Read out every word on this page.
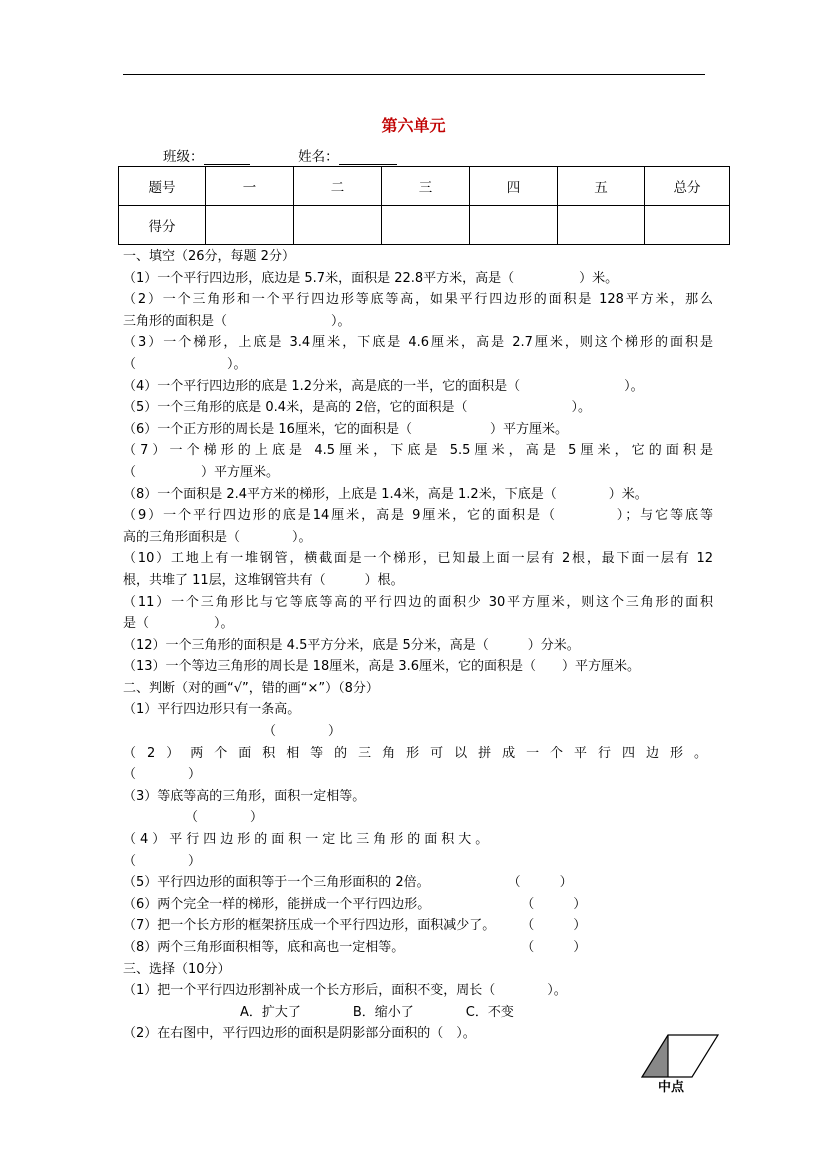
第六单元
班级：	姓名：
题号	一	二	三	四	五	总分
得分						
一、填空（26分，每题 2分）
（1）一个平行四边形，底边是 5.7米，面积是 22.8平方米，高是（　　　　　）米。
（2）一个三角形和一个平行四边形等底等高，如果平行四边形的面积是 128平方米，那么
三角形的面积是（　　　　　　　　）。
（3）一个梯形，上底是 3.4厘米，下底是 4.6厘米，高是 2.7厘米，则这个梯形的面积是
（　　　　　　　）。
（4）一个平行四边形的底是 1.2分米，高是底的一半，它的面积是（　　　　　　　　）。
（5）一个三角形的底是 0.4米，是高的 2倍，它的面积是（　　　　　　　　）。
（6）一个正方形的周长是 16厘米，它的面积是（　　　　　　）平方厘米。
（7）一个梯形的上底是 4.5厘米，下底是 5.5厘米，高是 5厘米，它的面积是
（　　　　　）平方厘米。
（8）一个面积是 2.4平方米的梯形，上底是 1.4米，高是 1.2米，下底是（　　　　）米。
（9）一个平行四边形的底是14厘米，高是 9厘米，它的面积是（　　　　）；与它等底等
高的三角形面积是（　　　　）。
（10）工地上有一堆钢管，横截面是一个梯形，已知最上面一层有 2根，最下面一层有 12
根，共堆了 11层，这堆钢管共有（　　　）根。
（11）一个三角形比与它等底等高的平行四边的面积少 30平方厘米，则这个三角形的面积
是（　　　　　）。
（12）一个三角形的面积是 4.5平方分米，底是 5分米，高是（　　　）分米。
（13）一个等边三角形的周长是 18厘米，高是 3.6厘米，它的面积是（　　）平方厘米。
二、判断（对的画“√”，错的画“×”）（8分）
（1）平行四边形只有一条高。
（　　　　）
（2）两个面积相等的三角形可以拼成一个平行四边形。
（　　　　）
（3）等底等高的三角形，面积一定相等。
（　　　　）
（4）平行四边形的面积一定比三角形的面积大。
（　　　　）
（5）平行四边形的面积等于一个三角形面积的 2倍。　　　　　　　（　　　）
（6）两个完全一样的梯形，能拼成一个平行四边形。　　　　　　　　（　　　）
（7）把一个长方形的框架挤压成一个平行四边形，面积减少了。　　　（　　　）
（8）两个三角形面积相等，底和高也一定相等。　　　　　　　　　　（　　　）
三、选择（10分）
（1）把一个平行四边形割补成一个长方形后，面积不变，周长（　　　　）。
　　　　　　　　　A．扩大了　　　　B．缩小了　　　　C．不变
（2）在右图中，平行四边形的面积是阴影部分面积的（　）。
中点
